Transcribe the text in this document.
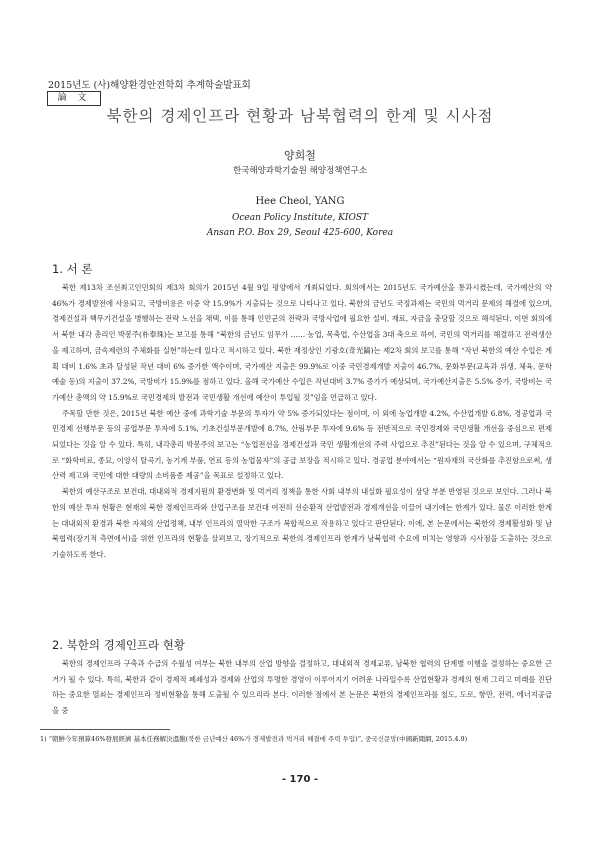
2015년도 (사)해양환경안전학회 추계학술발표회
論 文
북한의 경제인프라 현황과 남북협력의 한계 및 시사점
양희철
한국해양과학기술원 해양정책연구소
Hee Cheol, YANG
Ocean Policy Institute, KIOST
Ansan P.O. Box 29, Seoul 425-600, Korea
1. 서 론

북한 제13차 조선최고인민회의 제3차 회의가 2015년 4월 9일 평양에서 개최되었다. 회의에서는 2015년도 국가예산을 통과시켰는데, 국가예산의 약 46%가 경제발전에 사용되고, 국방비용은 이중 약 15.9%가 지출되는 것으로 나타나고 있다. 북한의 금년도 국정과제는 국민의 먹거리 문제의 해결에 있으며, 경제건설과 핵무기건설을 병행하는 전략 노선을 채택, 이를 통해 인민군의 전략과 국방사업에 필요한 설비, 재료, 자금을 충당할 것으로 해석된다. 이번 회의에서 북한 내각 총리인 박봉주(朴奉珠)는 보고를 통해 “북한의 금년도 임무가 …… 농업, 목축업, 수산업을 3대 축으로 하여, 국민의 먹거리를 해결하고 전력생산을 제고하며, 금속제련의 주체화를 실현”하는데 있다고 적시하고 있다. 북한 재정상인 기광호(奇光鎬)는 제2차 회의 보고를 통해 “작년 북한의 예산 수입은 계획 대비 1.6% 초과 달성된 작년 대비 6% 증가한 액수이며, 국가예산 지출은 99.9%로 이중 국민경제개발 지출이 46.7%, 문화부문(교육과 위생, 체육, 문학예술 등)의 지출이 37.2%, 국방비가 15.9%를 점하고 있다. 올해 국가예산 수입은 작년대비 3.7% 증가가 예상되며, 국가예산지출은 5.5% 증가, 국방비는 국가예산 총액의 약 15.9%로 국민경제의 발전과 국민생활 개선에 예산이 투입될 것”임을 언급하고 있다.

주목할 만한 것은, 2015년 북한 예산 중에 과학기술 부문의 투자가 약 5% 증가되었다는 점이며, 이 외에 농업개발 4.2%, 수산업개발 6.8%, 경공업과 국민경제 선행부문 등의 공업부문 투자에 5.1%, 기초건설부문개발에 8.7%, 산림부문 투자에 9.6% 등 전반적으로 국민경제와 국민생활 개선을 중심으로 편제되었다는 것을 알 수 있다. 특히, 내각총리 박봉주의 보고는 “농업전선을 경제건설과 국민 생활개선의 주력 사업으로 추진”된다는 것을 알 수 있으며, 구체적으로 “화학비료, 종묘, 이앙식 탈곡기, 농기계 부품, 연료 등의 농업물자”의 공급 보장을 적시하고 있다. 경공업 분야에서는 “원자재의 국산화를 추진함으로써, 생산력 제고와 국민에 대한 대량의 소비품종 제공”을 목표로 설정하고 있다.

북한의 예산구조로 보건대, 대내외적 경제지원의 환경변화 및 먹거리 정책을 통한 사회 내부의 내실화 필요성이 상당 부분 반영된 것으로 보인다. 그러나 북한의 예산 투자 현황은 현재의 북한 경제인프라와 산업구조를 보건대 여전히 선순환적 산업발전과 경제개선을 이끌어 내기에는 한계가 있다. 물론 이러한 한계는 대내외적 환경과 북한 자체의 산업정책, 내부 인프라의 열악한 구조가 복합적으로 작용하고 있다고 판단된다. 이에, 본 논문에서는 북한의 경제활성화 및 남북협력(장기적 측면에서)을 위한 인프라의 현황을 살펴보고, 장기적으로 북한의 경제인프라 한계가 남북협력 수요에 미치는 영향과 시사점을 도출하는 것으로 기술하도록 한다.

2. 북한의 경제인프라 현황

북한의 경제인프라 구축과 수급의 수월성 여부는 북한 내부의 산업 방향을 결정하고, 대내외적 경제교류, 남북한 협력의 단계별 이행을 결정하는 중요한 근거가 될 수 있다. 특히, 북한과 같이 경제적 폐쇄성과 경제와 산업의 투명한 경영이 이루어지기 어려운 나라일수록 산업현황과 경제의 현재 그리고 미래를 진단하는 중요한 열쇠는 경제인프라 정비현황을 통해 도출될 수 있으리라 본다. 이러한 점에서 본 논문은 북한의 경제인프라를 철도, 도로, 항만, 전력, 에너지공급을 중

1) “朝鮮今年預算46%發展經濟 基本任務解決溫飽(북한 금년예산 46%가 경제발전과 먹거리 해결에 주력 투입)”, 중국신문망(中國新聞網, 2015.4.9)
- 170 -
